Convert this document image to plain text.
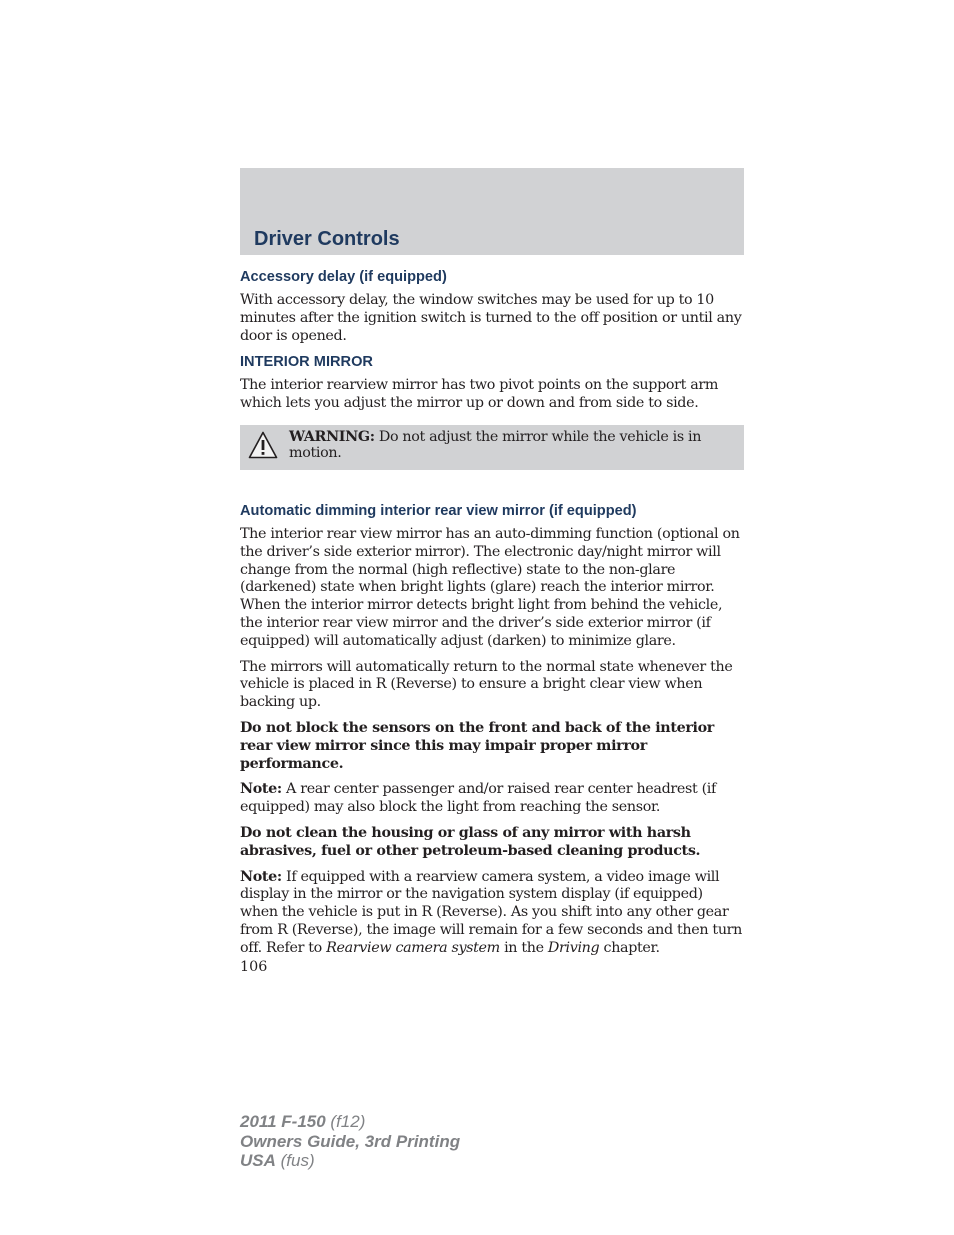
Driver Controls
Accessory delay (if equipped)

With accessory delay, the window switches may be used for up to 10 minutes after the ignition switch is turned to the off position or until any door is opened.

INTERIOR MIRROR

The interior rearview mirror has two pivot points on the support arm which lets you adjust the mirror up or down and from side to side.

WARNING: Do not adjust the mirror while the vehicle is in motion.
Automatic dimming interior rear view mirror (if equipped)

The interior rear view mirror has an auto-dimming function (optional on the driver’s side exterior mirror). The electronic day/night mirror will change from the normal (high reflective) state to the non-glare (darkened) state when bright lights (glare) reach the interior mirror. When the interior mirror detects bright light from behind the vehicle, the interior rear view mirror and the driver’s side exterior mirror (if equipped) will automatically adjust (darken) to minimize glare.

The mirrors will automatically return to the normal state whenever the vehicle is placed in R (Reverse) to ensure a bright clear view when backing up.

Do not block the sensors on the front and back of the interior rear view mirror since this may impair proper mirror performance.

Note: A rear center passenger and/or raised rear center headrest (if equipped) may also block the light from reaching the sensor.

Do not clean the housing or glass of any mirror with harsh abrasives, fuel or other petroleum-based cleaning products.

Note: If equipped with a rearview camera system, a video image will display in the mirror or the navigation system display (if equipped) when the vehicle is put in R (Reverse). As you shift into any other gear from R (Reverse), the image will remain for a few seconds and then turn off. Refer to Rearview camera system in the Driving chapter.

106
2011 F-150 (f12)
Owners Guide, 3rd Printing
USA (fus)
